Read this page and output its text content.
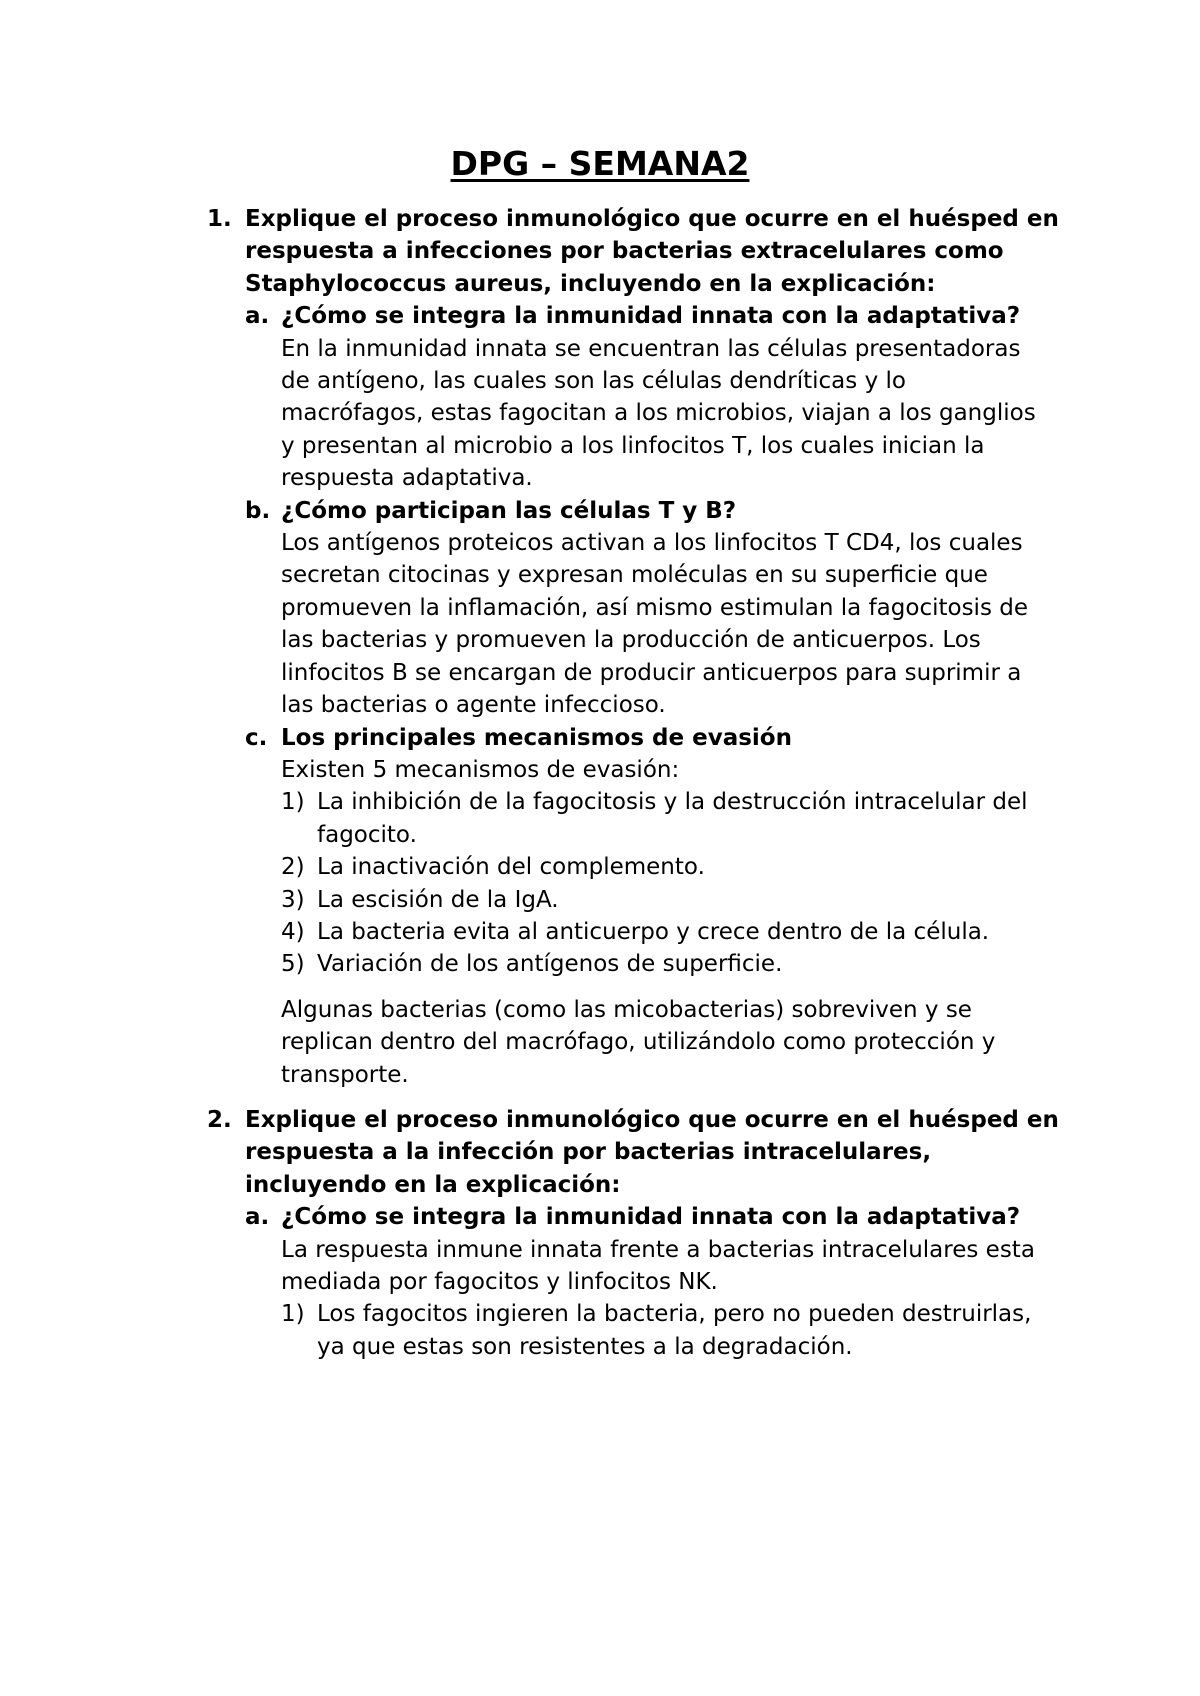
DPG – SEMANA2
1. Explique el proceso inmunológico que ocurre en el huésped en respuesta a infecciones por bacterias extracelulares como Staphylococcus aureus, incluyendo en la explicación:
a. ¿Cómo se integra la inmunidad innata con la adaptativa?
En la inmunidad innata se encuentran las células presentadoras de antígeno, las cuales son las células dendríticas y lo macrófagos, estas fagocitan a los microbios, viajan a los ganglios y presentan al microbio a los linfocitos T, los cuales inician la respuesta adaptativa.
b. ¿Cómo participan las células T y B?
Los antígenos proteicos activan a los linfocitos T CD4, los cuales secretan citocinas y expresan moléculas en su superficie que promueven la inflamación, así mismo estimulan la fagocitosis de las bacterias y promueven la producción de anticuerpos. Los linfocitos B se encargan de producir anticuerpos para suprimir a las bacterias o agente infeccioso.
c. Los principales mecanismos de evasión
Existen 5 mecanismos de evasión:
1) La inhibición de la fagocitosis y la destrucción intracelular del fagocito.
2) La inactivación del complemento.
3) La escisión de la IgA.
4) La bacteria evita al anticuerpo y crece dentro de la célula.
5) Variación de los antígenos de superficie.
Algunas bacterias (como las micobacterias) sobreviven y se replican dentro del macrófago, utilizándolo como protección y transporte.
2. Explique el proceso inmunológico que ocurre en el huésped en respuesta a la infección por bacterias intracelulares, incluyendo en la explicación:
a. ¿Cómo se integra la inmunidad innata con la adaptativa?
La respuesta inmune innata frente a bacterias intracelulares esta mediada por fagocitos y linfocitos NK.
1) Los fagocitos ingieren la bacteria, pero no pueden destruirlas, ya que estas son resistentes a la degradación.
